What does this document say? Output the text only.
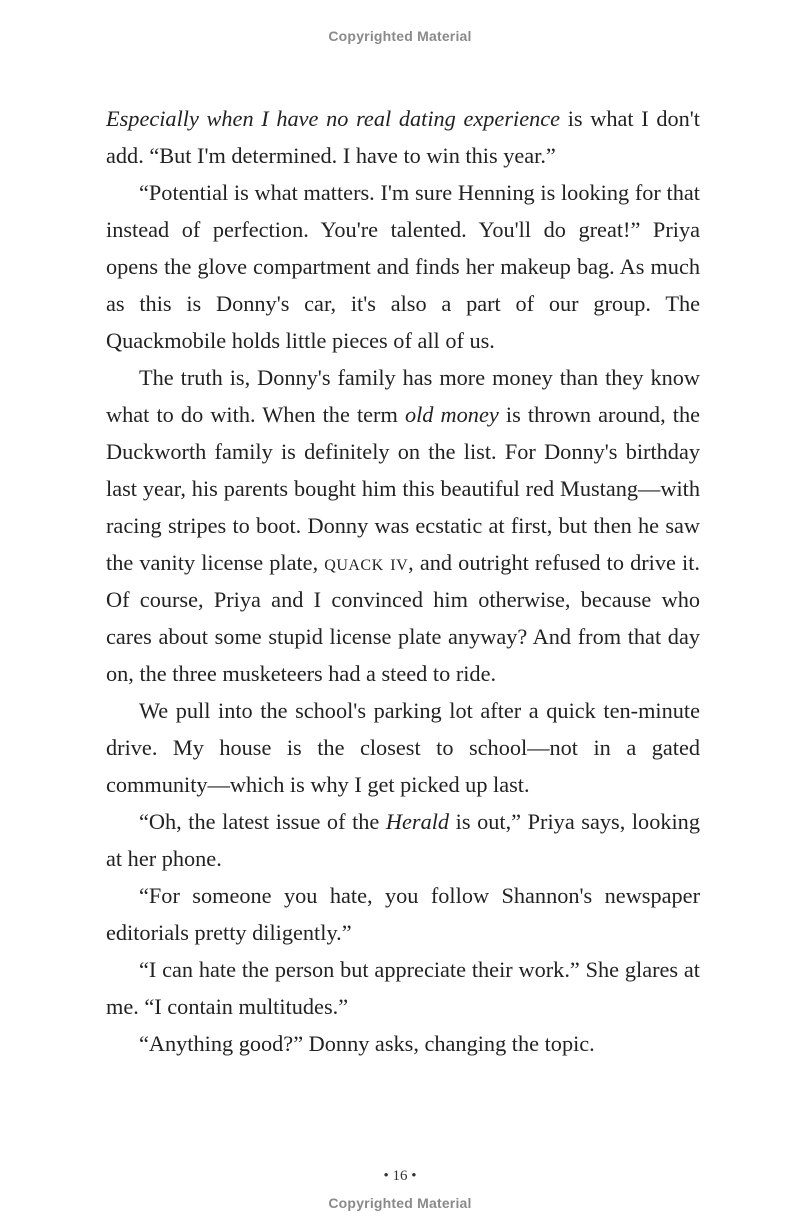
Copyrighted Material

Especially when I have no real dating experience is what I don't add. “But I'm determined. I have to win this year.”

“Potential is what matters. I'm sure Henning is looking for that instead of perfection. You're talented. You'll do great!” Priya opens the glove compartment and finds her makeup bag. As much as this is Donny's car, it's also a part of our group. The Quackmobile holds little pieces of all of us.

The truth is, Donny's family has more money than they know what to do with. When the term old money is thrown around, the Duckworth family is definitely on the list. For Donny's birthday last year, his parents bought him this beautiful red Mustang—with racing stripes to boot. Donny was ecstatic at first, but then he saw the vanity license plate, quack iv, and outright refused to drive it. Of course, Priya and I convinced him otherwise, because who cares about some stupid license plate anyway? And from that day on, the three musketeers had a steed to ride.

We pull into the school's parking lot after a quick ten-minute drive. My house is the closest to school—not in a gated community—which is why I get picked up last.

“Oh, the latest issue of the Herald is out,” Priya says, looking at her phone.

“For someone you hate, you follow Shannon's newspaper editorials pretty diligently.”

“I can hate the person but appreciate their work.” She glares at me. “I contain multitudes.”

“Anything good?” Donny asks, changing the topic.

• 16 •
Copyrighted Material
